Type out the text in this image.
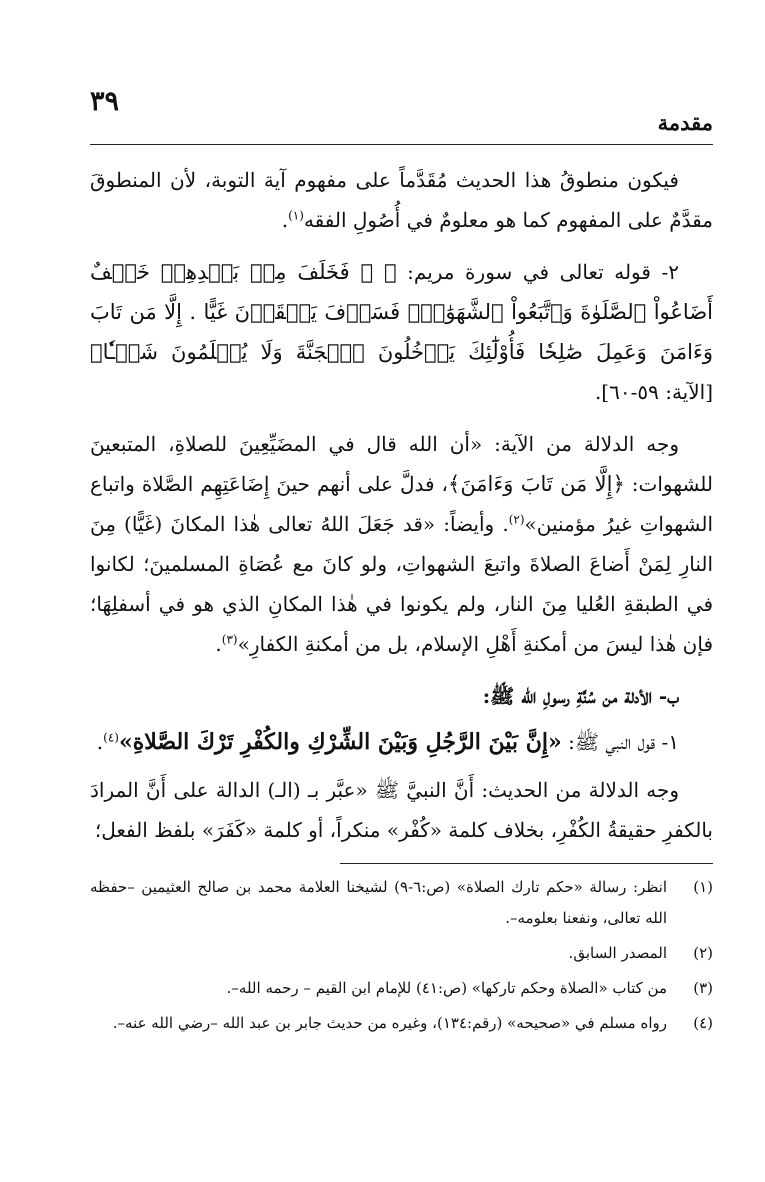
٣٩
مقدمة

فيكون منطوقُ هذا الحديث مُقَدَّماً على مفهوم آية التوبة، لأن المنطوقَ مقدَّمٌ على المفهوم كما هو معلومٌ في أُصُولِ الفقه$^{(١)}$.

٢- قوله تعالى في سورة مريم: ﴿ ۞ فَخَلَفَ مِنۢ بَعۡدِهِمۡ خَلۡفٌ أَضَاعُواْ ٱلصَّلَوٰةَ وَٱتَّبَعُواْ ٱلشَّهَوَٰتِۖ فَسَوۡفَ يَلۡقَوۡنَ غَيًّا . إِلَّا مَن تَابَ وَءَامَنَ وَعَمِلَ صَٰلِحٗا فَأُوْلَٰٓئِكَ يَدۡخُلُونَ ٱلۡجَنَّةَ وَلَا يُظۡلَمُونَ شَيۡـٔٗا﴾ [الآية: ٥٩-٦٠].

وجه الدلالة من الآية: «أن الله قال في المضَيِّعِينَ للصلاةِ، المتبعينَ للشهوات: ﴿إِلَّا مَن تَابَ وَءَامَنَ﴾، فدلَّ على أنهم حينَ إِضَاعَتِهِم الصَّلاة واتباع الشهواتِ غيرُ مؤمنين»$^{(٢)}$. وأيضاً: «قد جَعَلَ اللهُ تعالى هٰذا المكانَ (غَيًّا) مِنَ النارِ لِمَنْ أَضاعَ الصلاةَ واتبعَ الشهواتِ، ولو كانَ مع عُصَاةِ المسلمينَ؛ لكانوا في الطبقةِ العُليا مِنَ النار، ولم يكونوا في هٰذا المكانِ الذي هو في أسفلِهَا؛ فإن هٰذا ليسَ من أمكنةِ أَهْلِ الإسلام، بل من أمكنةِ الكفارِ»$^{(٣)}$.

ب- الأدلة من سُنَّةِ رسولِ الله ﷺ:

١- قول النبي ﷺ: «إِنَّ بَيْنَ الرَّجُلِ وَبَيْنَ الشِّرْكِ والكُفْرِ تَرْكَ الصَّلاةِ»$^{(٤)}$.

وجه الدلالة من الحديث: أَنَّ النبيَّ ﷺ «عبَّر بـ (الـ) الدالة على أَنَّ المرادَ بالكفرِ حقيقةُ الكُفْرِ، بخلاف كلمة «كُفْر» منكراً، أو كلمة «كَفَرَ» بلفظ الفعل؛

(١)
انظر: رسالة «حكم تارك الصلاة» (ص:٦-٩) لشيخنا العلامة محمد بن صالح العثيمين –حفظه الله تعالى، ونفعنا بعلومه–.
(٢)
المصدر السابق.
(٣)
من كتاب «الصلاة وحكم تاركها» (ص:٤١) للإمام ابن القيم – رحمه الله–.
(٤)
رواه مسلم في «صحيحه» (رقم:١٣٤)، وغيره من حديث جابر بن عبد الله –رضي الله عنه–.
